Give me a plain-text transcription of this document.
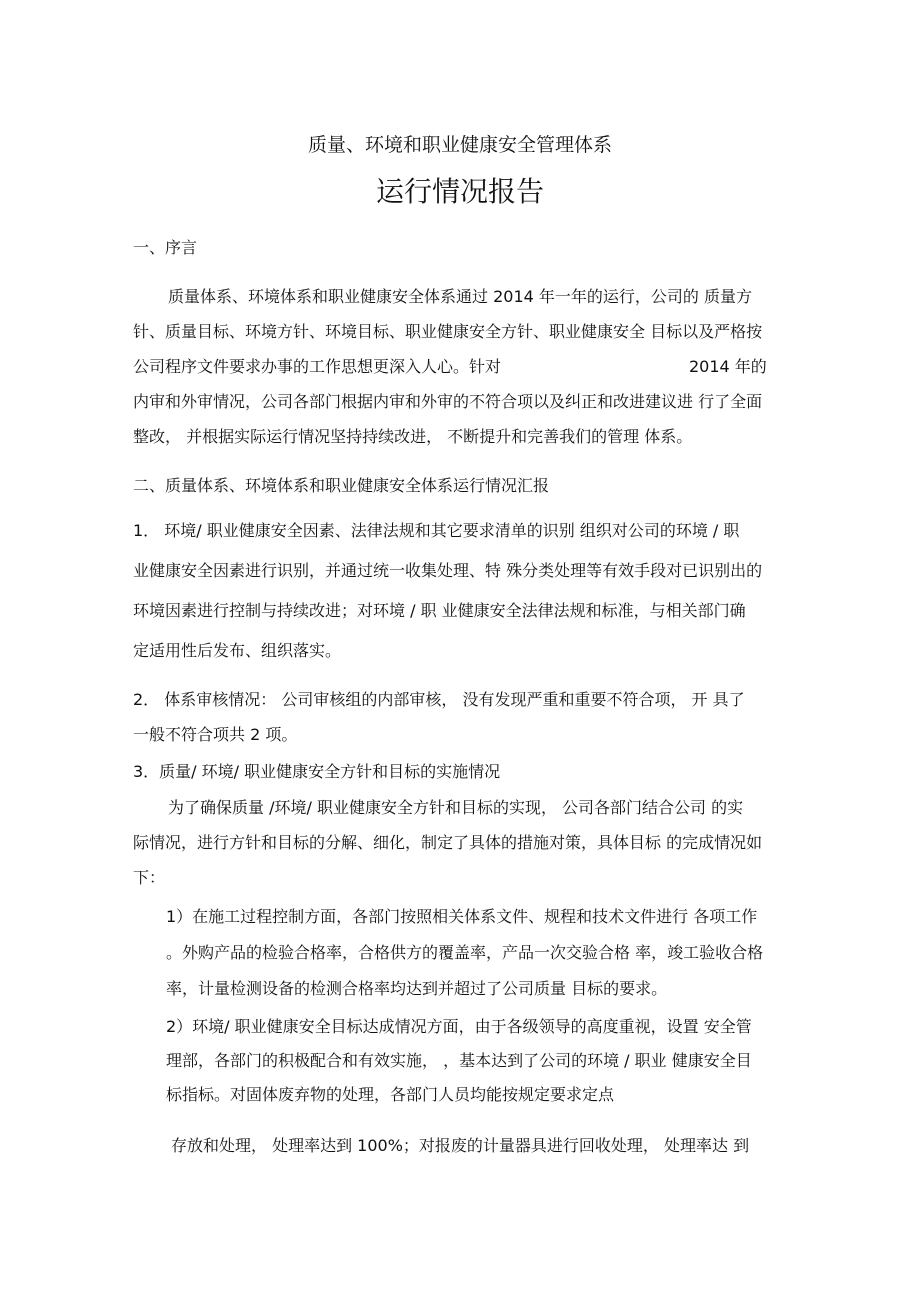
质量、环境和职业健康安全管理体系
运行情况报告
一、序言
质量体系、环境体系和职业健康安全体系通过 2014 年一年的运行，公司的 质量方
针、质量目标、环境方针、环境目标、职业健康安全方针、职业健康安全 目标以及严格按
公司程序文件要求办事的工作思想更深入人心。针对	2014 年的
内审和外审情况，公司各部门根据内审和外审的不符合项以及纠正和改进建议进 行了全面
整改， 并根据实际运行情况坚持持续改进， 不断提升和完善我们的管理 体系。
二、质量体系、环境体系和职业健康安全体系运行情况汇报
1． 环境/ 职业健康安全因素、法律法规和其它要求清单的识别 组织对公司的环境 / 职
业健康安全因素进行识别，并通过统一收集处理、特 殊分类处理等有效手段对已识别出的
环境因素进行控制与持续改进；对环境 / 职 业健康安全法律法规和标准，与相关部门确
定适用性后发布、组织落实。
2． 体系审核情况： 公司审核组的内部审核， 没有发现严重和重要不符合项， 开 具了
一般不符合项共 2 项。
3．质量/ 环境/ 职业健康安全方针和目标的实施情况
为了确保质量 /环境/ 职业健康安全方针和目标的实现， 公司各部门结合公司 的实
际情况，进行方针和目标的分解、细化，制定了具体的措施对策，具体目标 的完成情况如
下：
1）在施工过程控制方面，各部门按照相关体系文件、规程和技术文件进行 各项工作
。外购产品的检验合格率，合格供方的覆盖率，产品一次交验合格 率，竣工验收合格
率，计量检测设备的检测合格率均达到并超过了公司质量 目标的要求。
2）环境/ 职业健康安全目标达成情况方面，由于各级领导的高度重视，设置 安全管
理部，各部门的积极配合和有效实施， ，基本达到了公司的环境 / 职业 健康安全目
标指标。对固体废弃物的处理，各部门人员均能按规定要求定点
存放和处理， 处理率达到 100%；对报废的计量器具进行回收处理， 处理率达 到
